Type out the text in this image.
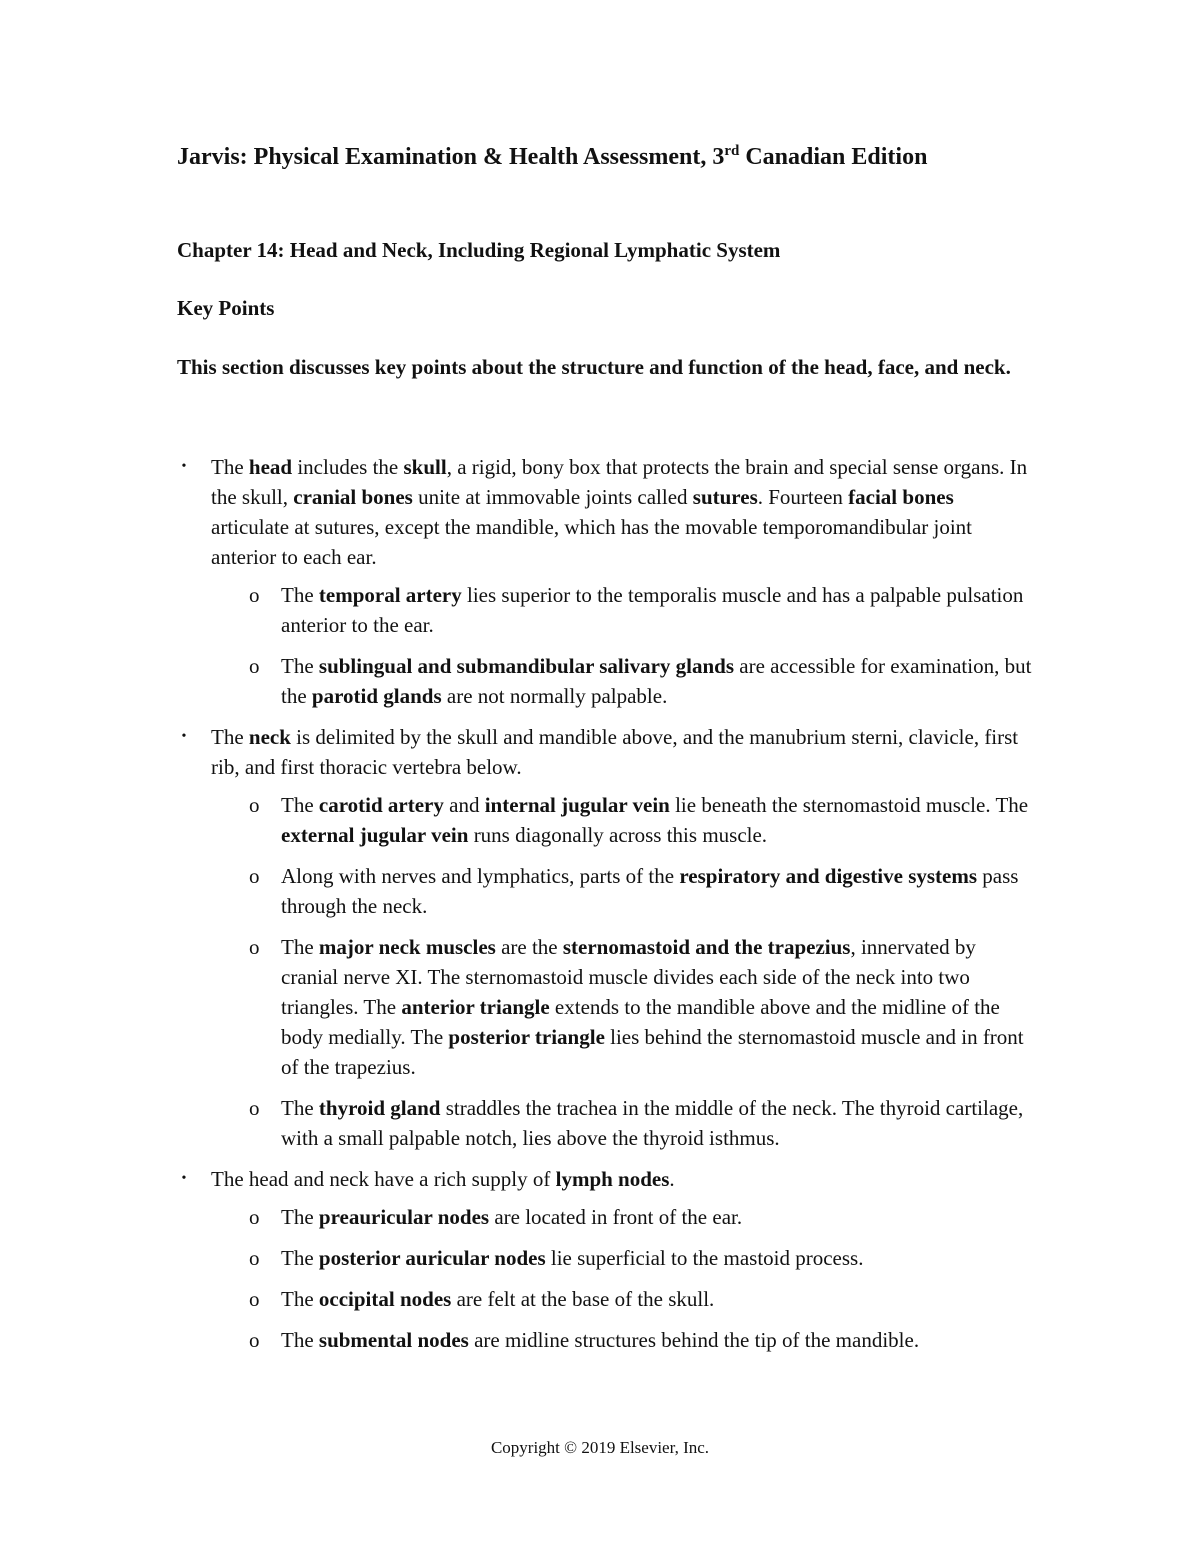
Jarvis: Physical Examination & Health Assessment, 3rd Canadian Edition
Chapter 14: Head and Neck, Including Regional Lymphatic System
Key Points

This section discusses key points about the structure and function of the head, face, and neck.

• The head includes the skull, a rigid, bony box that protects the brain and special sense organs. In the skull, cranial bones unite at immovable joints called sutures. Fourteen facial bones articulate at sutures, except the mandible, which has the movable temporomandibular joint anterior to each ear.
o The temporal artery lies superior to the temporalis muscle and has a palpable pulsation anterior to the ear.
o The sublingual and submandibular salivary glands are accessible for examination, but the parotid glands are not normally palpable.
• The neck is delimited by the skull and mandible above, and the manubrium sterni, clavicle, first rib, and first thoracic vertebra below.
o The carotid artery and internal jugular vein lie beneath the sternomastoid muscle. The external jugular vein runs diagonally across this muscle.
o Along with nerves and lymphatics, parts of the respiratory and digestive systems pass through the neck.
o The major neck muscles are the sternomastoid and the trapezius, innervated by cranial nerve XI. The sternomastoid muscle divides each side of the neck into two triangles. The anterior triangle extends to the mandible above and the midline of the body medially. The posterior triangle lies behind the sternomastoid muscle and in front of the trapezius.
o The thyroid gland straddles the trachea in the middle of the neck. The thyroid cartilage, with a small palpable notch, lies above the thyroid isthmus.
• The head and neck have a rich supply of lymph nodes.
o The preauricular nodes are located in front of the ear.
o The posterior auricular nodes lie superficial to the mastoid process.
o The occipital nodes are felt at the base of the skull.
o The submental nodes are midline structures behind the tip of the mandible.

Copyright © 2019 Elsevier, Inc.
